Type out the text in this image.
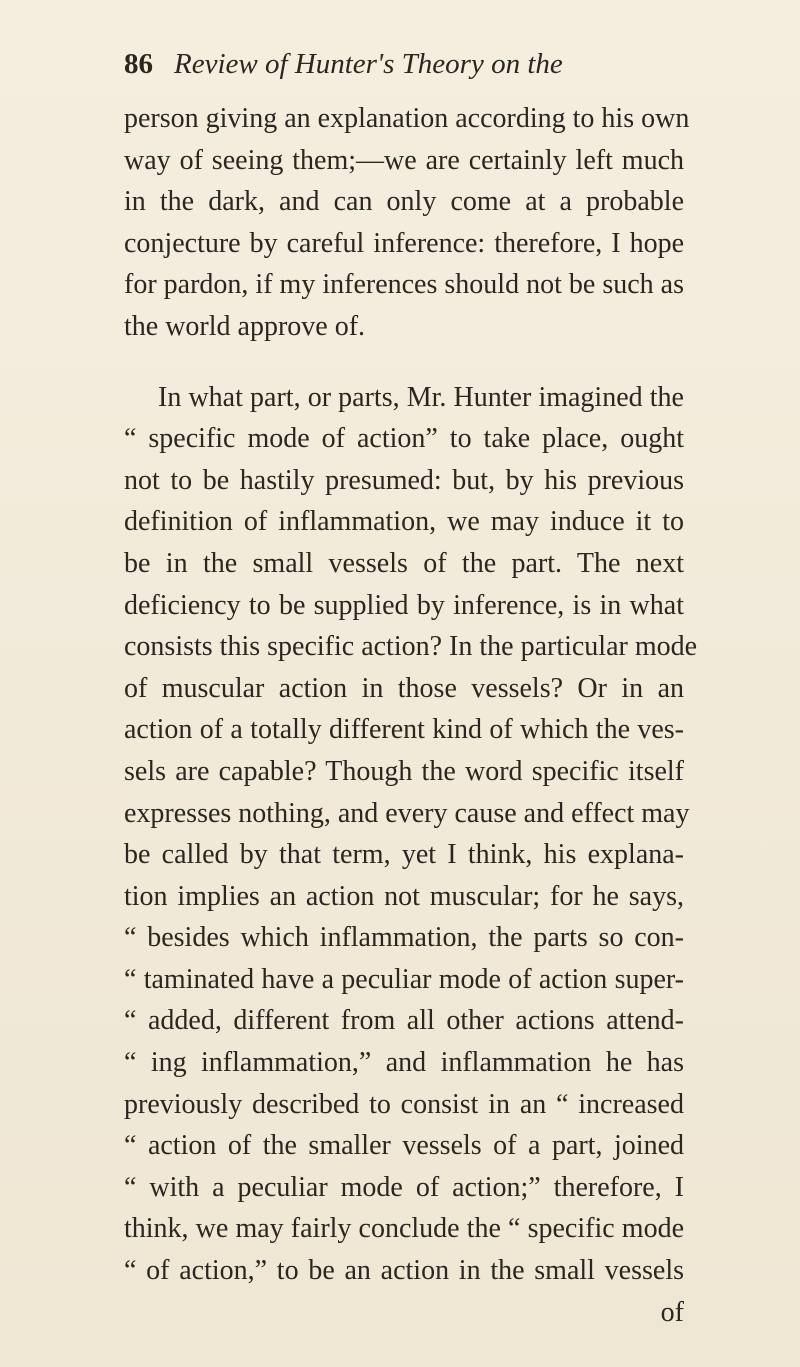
86 Review of Hunter's Theory on the
person giving an explanation according to his own
way of seeing them;—we are certainly left much
in the dark, and can only come at a probable
conjecture by careful inference: therefore, I hope
for pardon, if my inferences should not be such as
the world approve of.
In what part, or parts, Mr. Hunter imagined the
“ specific mode of action” to take place, ought
not to be hastily presumed: but, by his previous
definition of inflammation, we may induce it to
be in the small vessels of the part. The next
deficiency to be supplied by inference, is in what
consists this specific action? In the particular mode
of muscular action in those vessels? Or in an
action of a totally different kind of which the ves-
sels are capable? Though the word specific itself
expresses nothing, and every cause and effect may
be called by that term, yet I think, his explana-
tion implies an action not muscular; for he says,
“ besides which inflammation, the parts so con-
“ taminated have a peculiar mode of action super-
“ added, different from all other actions attend-
“ ing inflammation,” and inflammation he has
previously described to consist in an “ increased
“ action of the smaller vessels of a part, joined
“ with a peculiar mode of action;” therefore, I
think, we may fairly conclude the “ specific mode
“ of action,” to be an action in the small vessels
of
